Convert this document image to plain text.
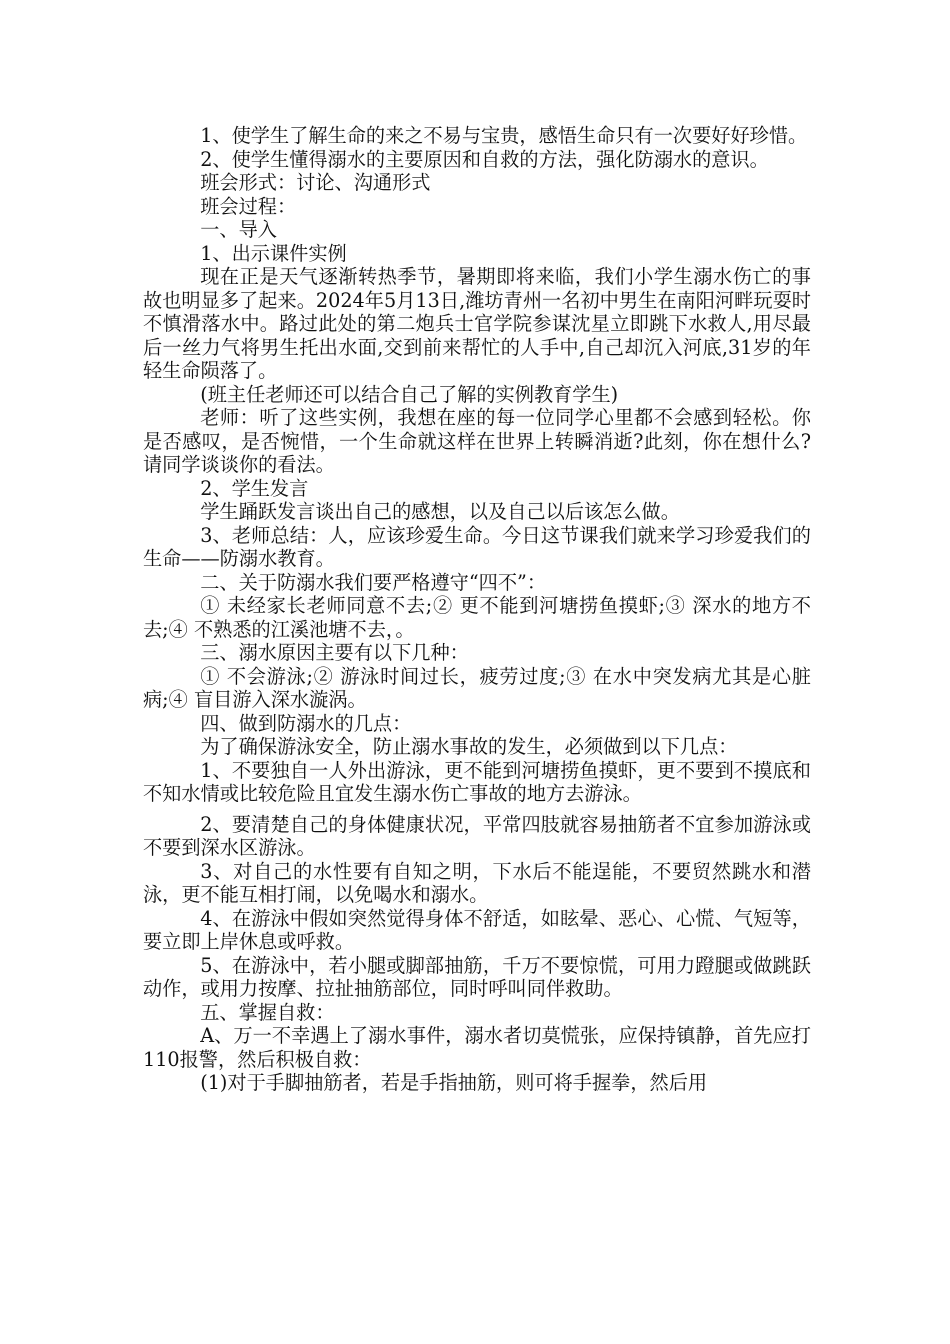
1、使学生了解生命的来之不易与宝贵，感悟生命只有一次要好好珍惜。

2、使学生懂得溺水的主要原因和自救的方法，强化防溺水的意识。

班会形式：讨论、沟通形式

班会过程：

一、导入

1、出示课件实例

现在正是天气逐渐转热季节，暑期即将来临，我们小学生溺水伤亡的事故也明显多了起来。2024年5月13日,潍坊青州一名初中男生在南阳河畔玩耍时不慎滑落水中。路过此处的第二炮兵士官学院参谋沈星立即跳下水救人,用尽最后一丝力气将男生托出水面,交到前来帮忙的人手中,自己却沉入河底,31岁的年轻生命陨落了。

(班主任老师还可以结合自己了解的实例教育学生)

老师：听了这些实例，我想在座的每一位同学心里都不会感到轻松。你是否感叹，是否惋惜，一个生命就这样在世界上转瞬消逝?此刻，你在想什么?请同学谈谈你的看法。

2、学生发言

学生踊跃发言谈出自己的感想，以及自己以后该怎么做。

3、老师总结：人，应该珍爱生命。今日这节课我们就来学习珍爱我们的生命——防溺水教育。

二、关于防溺水我们要严格遵守“四不”：

① 未经家长老师同意不去;② 更不能到河塘捞鱼摸虾;③ 深水的地方不去;④ 不熟悉的江溪池塘不去，。

三、溺水原因主要有以下几种：

① 不会游泳;② 游泳时间过长，疲劳过度;③ 在水中突发病尤其是心脏病;④ 盲目游入深水漩涡。

四、做到防溺水的几点：

为了确保游泳安全，防止溺水事故的发生，必须做到以下几点：

1、不要独自一人外出游泳，更不能到河塘捞鱼摸虾，更不要到不摸底和不知水情或比较危险且宜发生溺水伤亡事故的地方去游泳。

2、要清楚自己的身体健康状况，平常四肢就容易抽筋者不宜参加游泳或不要到深水区游泳。

3、对自己的水性要有自知之明，下水后不能逞能，不要贸然跳水和潜泳，更不能互相打闹，以免喝水和溺水。

4、在游泳中假如突然觉得身体不舒适，如眩晕、恶心、心慌、气短等，要立即上岸休息或呼救。

5、在游泳中，若小腿或脚部抽筋，千万不要惊慌，可用力蹬腿或做跳跃动作，或用力按摩、拉扯抽筋部位，同时呼叫同伴救助。

五、掌握自救：

A、万一不幸遇上了溺水事件，溺水者切莫慌张，应保持镇静，首先应打110报警，然后积极自救：

(1)对于手脚抽筋者，若是手指抽筋，则可将手握拳，然后用
